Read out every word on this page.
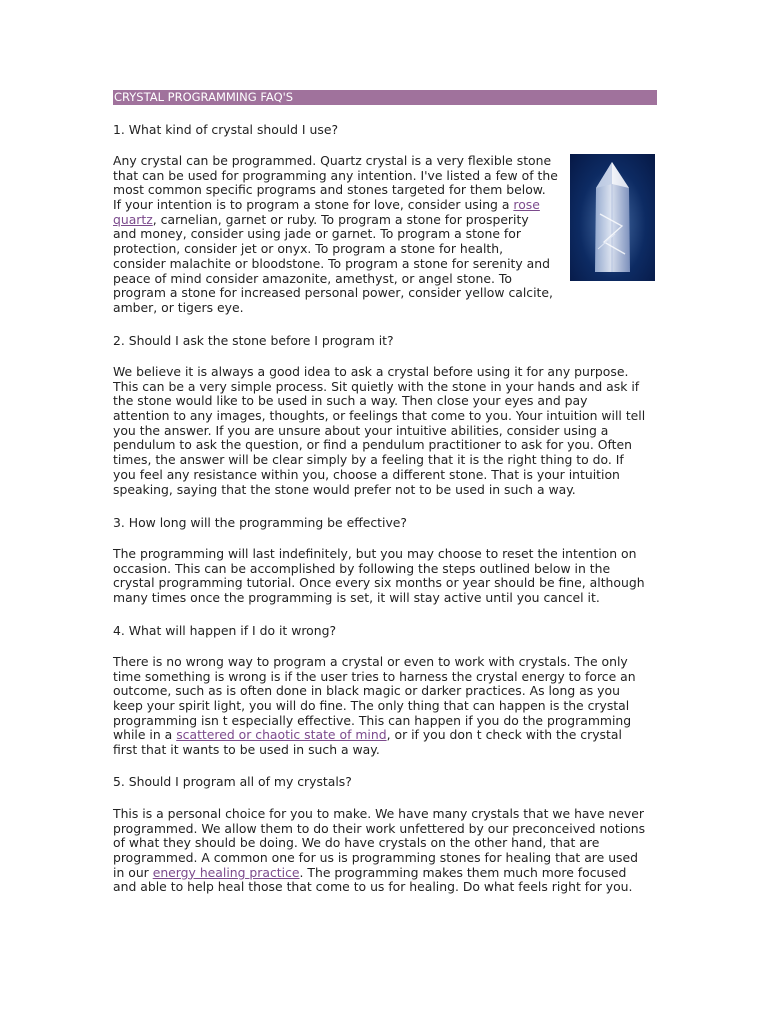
CRYSTAL PROGRAMMING FAQ'S
1. What kind of crystal should I use?
Any crystal can be programmed. Quartz crystal is a very flexible stone
that can be used for programming any intention. I've listed a few of the
most common specific programs and stones targeted for them below.
If your intention is to program a stone for love, consider using a rose
quartz, carnelian, garnet or ruby. To program a stone for prosperity
and money, consider using jade or garnet. To program a stone for
protection, consider jet or onyx. To program a stone for health,
consider malachite or bloodstone. To program a stone for serenity and
peace of mind consider amazonite, amethyst, or angel stone. To
program a stone for increased personal power, consider yellow calcite,
amber, or tigers eye.
2. Should I ask the stone before I program it?
We believe it is always a good idea to ask a crystal before using it for any purpose.
This can be a very simple process. Sit quietly with the stone in your hands and ask if
the stone would like to be used in such a way. Then close your eyes and pay
attention to any images, thoughts, or feelings that come to you. Your intuition will tell
you the answer. If you are unsure about your intuitive abilities, consider using a
pendulum to ask the question, or find a pendulum practitioner to ask for you. Often
times, the answer will be clear simply by a feeling that it is the right thing to do. If
you feel any resistance within you, choose a different stone. That is your intuition
speaking, saying that the stone would prefer not to be used in such a way.
3. How long will the programming be effective?
The programming will last indefinitely, but you may choose to reset the intention on
occasion. This can be accomplished by following the steps outlined below in the
crystal programming tutorial. Once every six months or year should be fine, although
many times once the programming is set, it will stay active until you cancel it.
4. What will happen if I do it wrong?
There is no wrong way to program a crystal or even to work with crystals. The only
time something is wrong is if the user tries to harness the crystal energy to force an
outcome, such as is often done in black magic or darker practices. As long as you
keep your spirit light, you will do fine. The only thing that can happen is the crystal
programming isn t especially effective. This can happen if you do the programming
while in a scattered or chaotic state of mind, or if you don t check with the crystal
first that it wants to be used in such a way.
5. Should I program all of my crystals?
This is a personal choice for you to make. We have many crystals that we have never
programmed. We allow them to do their work unfettered by our preconceived notions
of what they should be doing. We do have crystals on the other hand, that are
programmed. A common one for us is programming stones for healing that are used
in our energy healing practice. The programming makes them much more focused
and able to help heal those that come to us for healing. Do what feels right for you.
